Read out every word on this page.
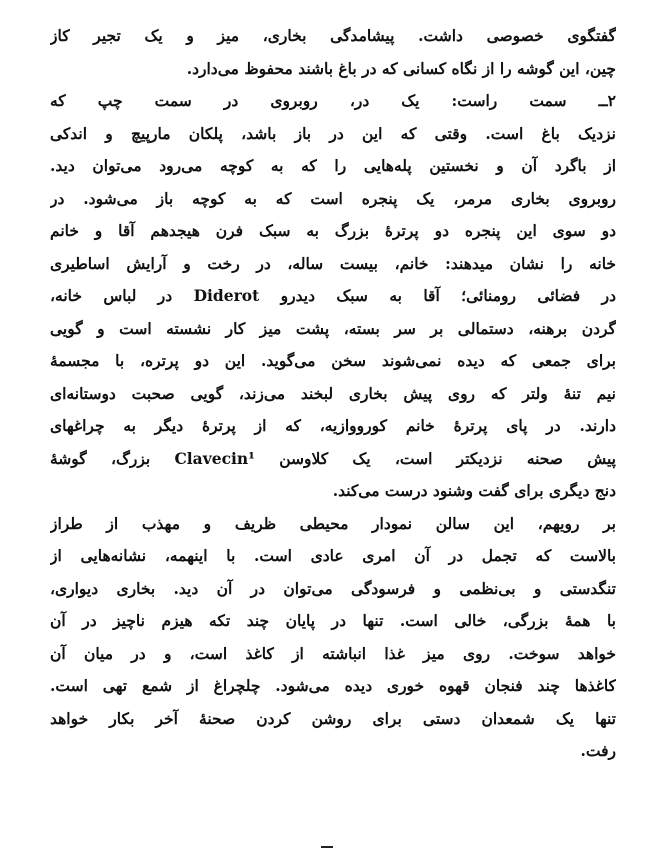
گفتگوی خصوصی داشت. پیشامدگی بخاری، میز و یک تجیر کاز
چین، این گوشه را از نگاه کسانی که در باغ باشند محفوظ می‌دارد.
۲ــ سمت راست: یک در، روبروی در سمت چپ که
نزدیک باغ است. وقتی که این در باز باشد، پلکان مارپیچ و اندکی
از باگرد آن و نخستین پله‌هایی را که به کوچه می‌رود می‌توان دید.
روبروی بخاری مرمر، یک پنجره است که به کوچه باز می‌شود. در
دو سوی این پنجره دو پرترهٔ بزرگ به سبک فرن هیجدهم آقا و خانم
خانه را نشان میدهند: خانم، بیست ساله، در رخت و آرایش اساطیری
در فضائی رومنائی؛ آقا به سبک دیدرو Diderot در لباس خانه،
گردن برهنه، دستمالی بر سر بسته، پشت میز کار نشسته است و گویی
برای جمعی که دیده نمی‌شوند سخن می‌گوید. این دو پرتره، با مجسمهٔ
نیم تنهٔ ولتر که روی پیش بخاری لبخند می‌زند، گویی صحبت دوستانه‌ای
دارند. در پای پرترهٔ خانم کورووازیه، که از پرترهٔ دیگر به چراغهای
پیش صحنه نزدیکتر است، یک کلاوسن Clavecin¹ بزرگ، گوشهٔ
دنج دیگری برای گفت وشنود درست می‌کند.
بر رویهم، این سالن نمودار محیطی ظریف و مهذب از طراز
بالاست که تجمل در آن امری عادی است. با اینهمه، نشانه‌هایی از
تنگدستی و بی‌نظمی و فرسودگی می‌توان در آن دید. بخاری دیواری،
با همهٔ بزرگی، خالی است. تنها در پایان چند تکه هیزم ناچیز در آن
خواهد سوخت. روی میز غذا انباشته از کاغذ است، و در میان آن
کاغذها چند فنجان قهوه خوری دیده می‌شود. چلچراغ از شمع تهی است.
تنها یک شمعدان دستی برای روشن کردن صحنهٔ آخر بکار خواهد
رفت.
